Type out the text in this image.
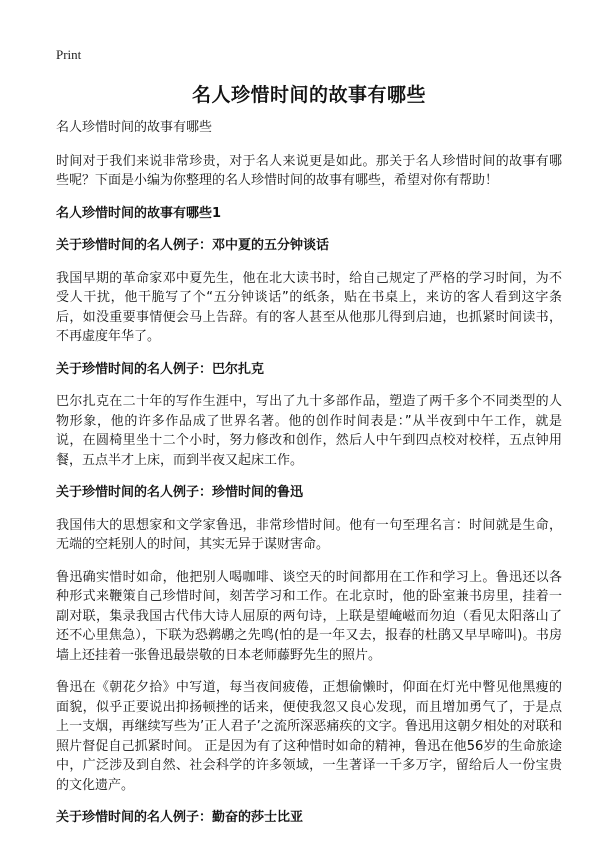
Print
名人珍惜时间的故事有哪些

名人珍惜时间的故事有哪些

时间对于我们来说非常珍贵，对于名人来说更是如此。那关于名人珍惜时间的故事有哪些呢？下面是小编为你整理的名人珍惜时间的故事有哪些，希望对你有帮助！

名人珍惜时间的故事有哪些1
关于珍惜时间的名人例子：邓中夏的五分钟谈话

我国早期的革命家邓中夏先生，他在北大读书时，给自己规定了严格的学习时间，为不受人干扰，他干脆写了个“五分钟谈话”的纸条，贴在书桌上，来访的客人看到这字条后，如没重要事情便会马上告辞。有的客人甚至从他那儿得到启迪，也抓紧时间读书，不再虚度年华了。

关于珍惜时间的名人例子：巴尔扎克

巴尔扎克在二十年的写作生涯中，写出了九十多部作品，塑造了两千多个不同类型的人 物形象，他的许多作品成了世界名著。他的创作时间表是：”从半夜到中午工作，就是说，在圆椅里坐十二个小时，努力修改和创作，然后人中午到四点校对校样，五点钟用餐，五点半才上床，而到半夜又起床工作。

关于珍惜时间的名人例子：珍惜时间的鲁迅

我国伟大的思想家和文学家鲁迅，非常珍惜时间。他有一句至理名言：时间就是生命，无端的空耗别人的时间，其实无异于谋财害命。

鲁迅确实惜时如命，他把别人喝咖啡、谈空天的时间都用在工作和学习上。鲁迅还以各种形式来鞭策自己珍惜时间，刻苦学习和工作。在北京时，他的卧室兼书房里，挂着一副对联，集录我国古代伟大诗人屈原的两句诗，上联是望崦嵫而勿迫（看见太阳落山了还不心里焦急），下联为恐鹈鹕之先鸣(怕的是一年又去，报春的杜鹃又早早啼叫)。书房墙上还挂着一张鲁迅最崇敬的日本老师藤野先生的照片。

鲁迅在《朝花夕拾》中写道，每当夜间疲倦，正想偷懒时，仰面在灯光中瞥见他黑瘦的面貌，似乎正要说出抑扬顿挫的话来，便使我忽又良心发现，而且增加勇气了，于是点上一支烟，再继续写些为’正人君子’之流所深恶痛疾的文字。鲁迅用这朝夕相处的对联和照片督促自己抓紧时间。 正是因为有了这种惜时如命的精神，鲁迅在他56岁的生命旅途中，广泛涉及到自然、社会科学的许多领域，一生著译一千多万字，留给后人一份宝贵的文化遗产。

关于珍惜时间的名人例子：勤奋的莎士比亚
